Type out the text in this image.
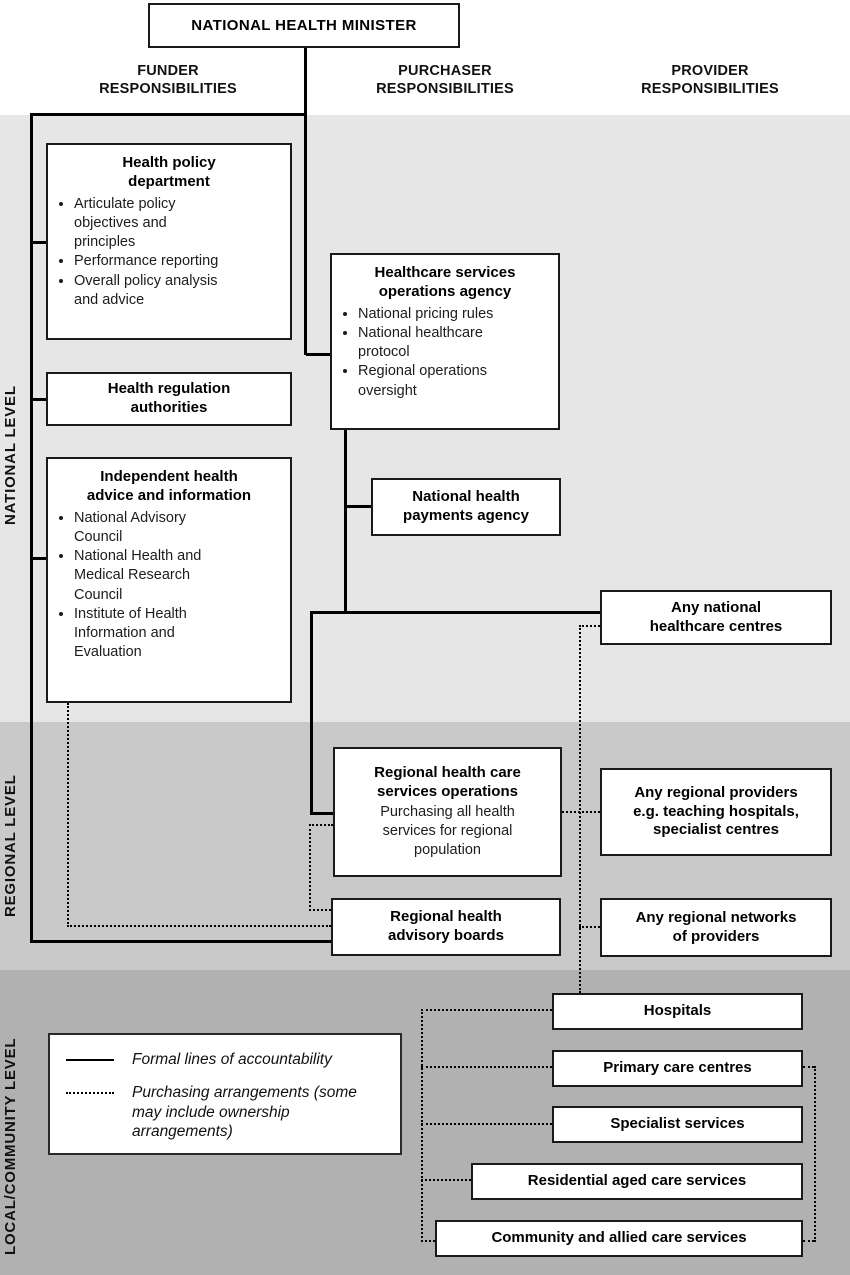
NATIONAL LEVEL
REGIONAL LEVEL
LOCAL/COMMUNITY LEVEL
NATIONAL HEALTH MINISTER
FUNDER RESPONSIBILITIES
PURCHASER RESPONSIBILITIES
PROVIDER RESPONSIBILITIES
Health policy department
• Articulate policy objectives and principles
• Performance reporting
• Overall policy analysis and advice
Health regulation authorities
Independent health advice and information
• National Advisory Council
• National Health and Medical Research Council
• Institute of Health Information and Evaluation
Healthcare services operations agency
• National pricing rules
• National healthcare protocol
• Regional operations oversight
National health payments agency
Regional health care services operations
Purchasing all health services for regional population
Regional health advisory boards
Any national healthcare centres
Any regional providers e.g. teaching hospitals, specialist centres
Any regional networks of providers
Hospitals
Primary care centres
Specialist services
Residential aged care services
Community and allied care services
Formal lines of accountability
Purchasing arrangements (some may include ownership arrangements)
